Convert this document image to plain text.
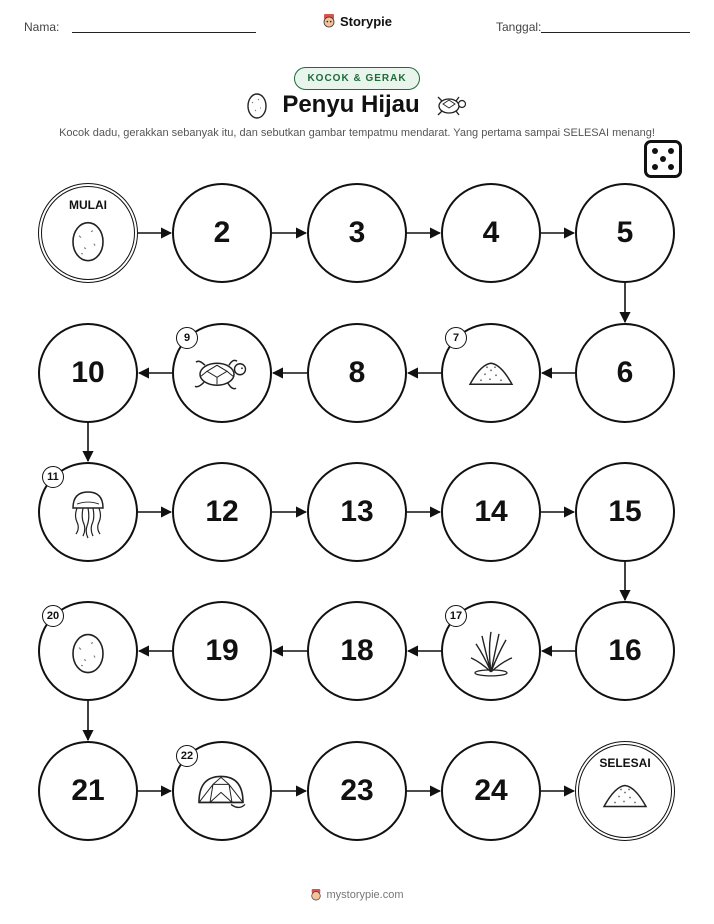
Nama:	Storypie	Tanggal:
KOCOK & GERAK
Penyu Hijau
Kocok dadu, gerakkan sebanyak itu, dan sebutkan gambar tempatmu mendarat. Yang pertama sampai SELESAI menang!
MULAI
2	3	4	5
6
7
8
9
10
11
12	13	14	15
16
17
18
19
20
21
22
23	24
SELESAI
mystorypie.com
